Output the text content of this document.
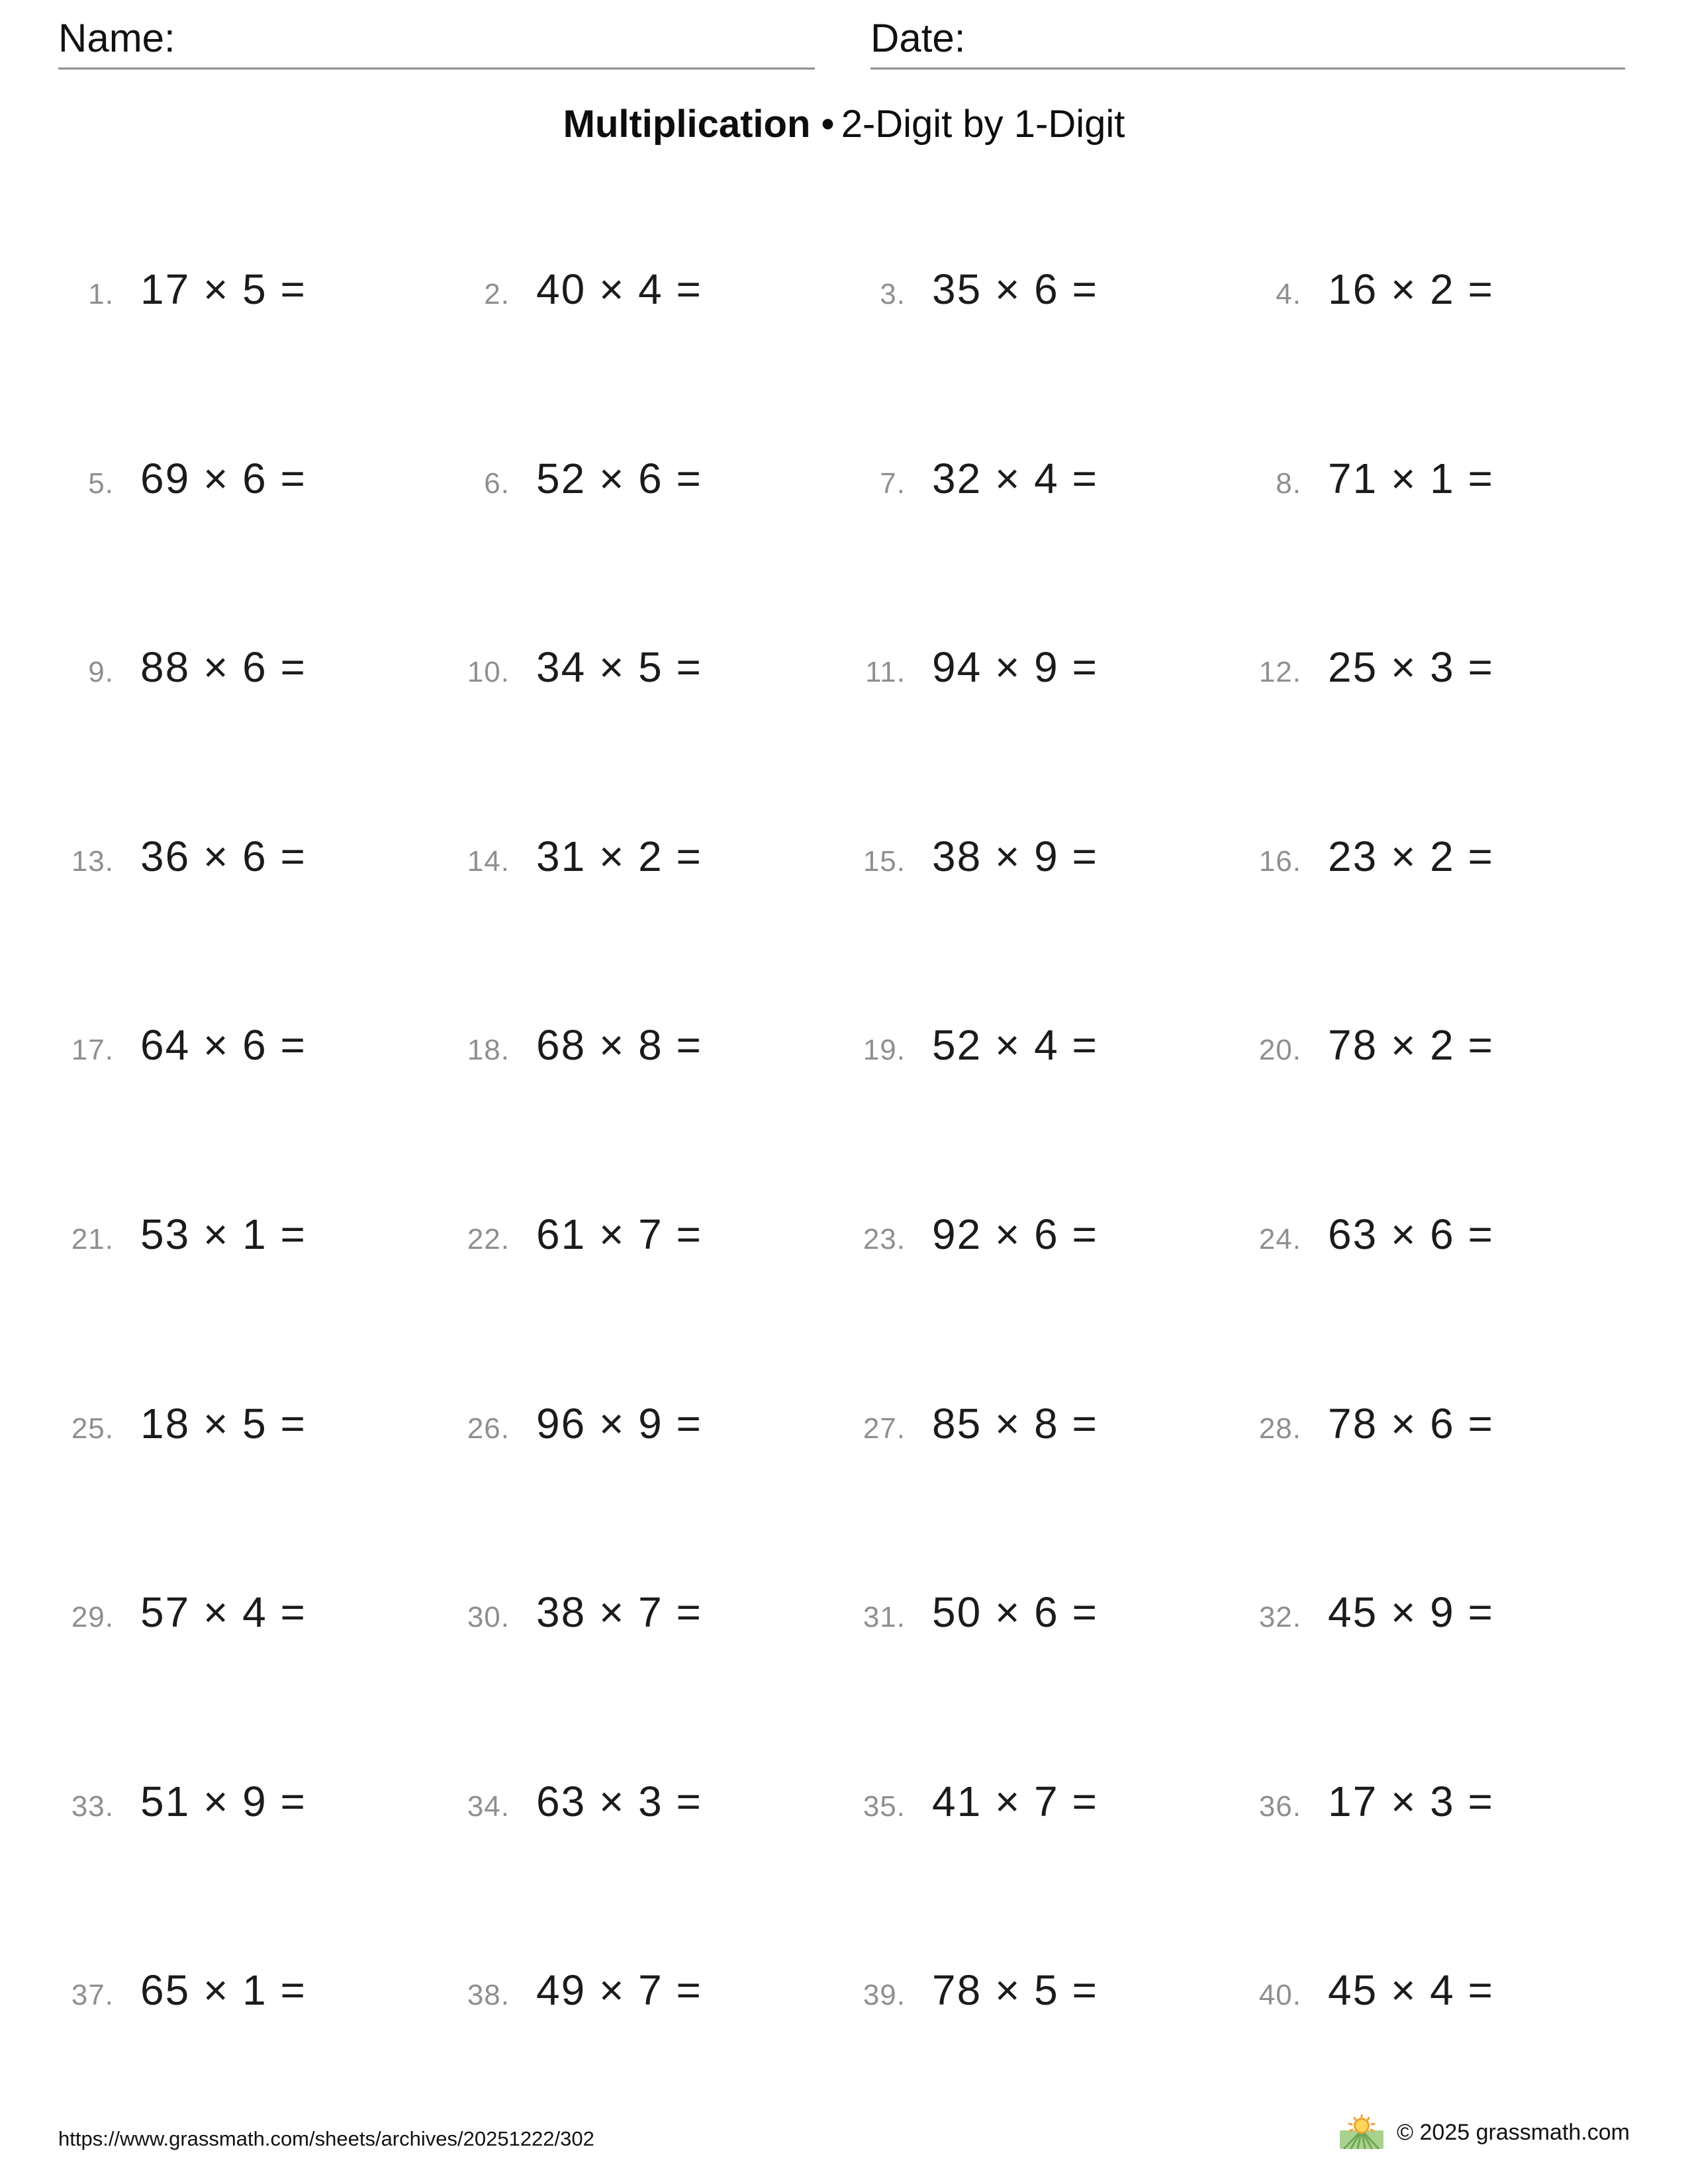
Name:	Date:
Multiplication • 2-Digit by 1-Digit
1. 17 × 5 =	2. 40 × 4 =	3. 35 × 6 =	4. 16 × 2 =
5. 69 × 6 =	6. 52 × 6 =	7. 32 × 4 =	8. 71 × 1 =
9. 88 × 6 =	10. 34 × 5 =	11. 94 × 9 =	12. 25 × 3 =
13. 36 × 6 =	14. 31 × 2 =	15. 38 × 9 =	16. 23 × 2 =
17. 64 × 6 =	18. 68 × 8 =	19. 52 × 4 =	20. 78 × 2 =
21. 53 × 1 =	22. 61 × 7 =	23. 92 × 6 =	24. 63 × 6 =
25. 18 × 5 =	26. 96 × 9 =	27. 85 × 8 =	28. 78 × 6 =
29. 57 × 4 =	30. 38 × 7 =	31. 50 × 6 =	32. 45 × 9 =
33. 51 × 9 =	34. 63 × 3 =	35. 41 × 7 =	36. 17 × 3 =
37. 65 × 1 =	38. 49 × 7 =	39. 78 × 5 =	40. 45 × 4 =
https://www.grassmath.com/sheets/archives/20251222/302	© 2025 grassmath.com
